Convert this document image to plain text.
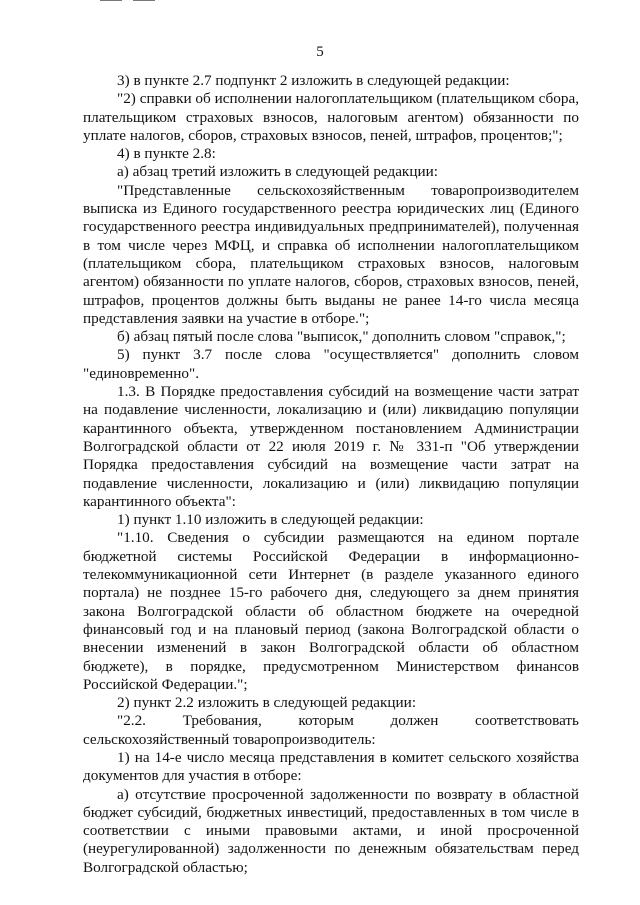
5

3) в пункте 2.7 подпункт 2 изложить в следующей редакции:

"2) справки об исполнении налогоплательщиком (плательщиком сбора, плательщиком страховых взносов, налоговым агентом) обязанности по уплате налогов, сборов, страховых взносов, пеней, штрафов, процентов;";

4) в пункте 2.8:

а) абзац третий изложить в следующей редакции:

"Представленные сельскохозяйственным товаропроизводителем выписка из Единого государственного реестра юридических лиц (Единого государственного реестра индивидуальных предпринимателей), полученная в том числе через МФЦ, и справка об исполнении налогоплательщиком (плательщиком сбора, плательщиком страховых взносов, налоговым агентом) обязанности по уплате налогов, сборов, страховых взносов, пеней, штрафов, процентов должны быть выданы не ранее 14-го числа месяца представления заявки на участие в отборе.";

б) абзац пятый после слова "выписок," дополнить словом "справок,";

5) пункт 3.7 после слова "осуществляется" дополнить словом "единовременно".

1.3. В Порядке предоставления субсидий на возмещение части затрат на подавление численности, локализацию и (или) ликвидацию популяции карантинного объекта, утвержденном постановлением Администрации Волгоградской области от 22 июля 2019 г. № 331-п "Об утверждении Порядка предоставления субсидий на возмещение части затрат на подавление численности, локализацию и (или) ликвидацию популяции карантинного объекта":

1) пункт 1.10 изложить в следующей редакции:

"1.10. Сведения о субсидии размещаются на едином портале бюджетной системы Российской Федерации в информационно-телекоммуникационной сети Интернет (в разделе указанного единого портала) не позднее 15-го рабочего дня, следующего за днем принятия закона Волгоградской области об областном бюджете на очередной финансовый год и на плановый период (закона Волгоградской области о внесении изменений в закон Волгоградской области об областном бюджете), в порядке, предусмотренном Министерством финансов Российской Федерации.";

2) пункт 2.2 изложить в следующей редакции:

"2.2. Требования, которым должен соответствовать сельскохозяйственный товаропроизводитель:

1) на 14-е число месяца представления в комитет сельского хозяйства документов для участия в отборе:

а) отсутствие просроченной задолженности по возврату в областной бюджет субсидий, бюджетных инвестиций, предоставленных в том числе в соответствии с иными правовыми актами, и иной просроченной (неурегулированной) задолженности по денежным обязательствам перед Волгоградской областью;
